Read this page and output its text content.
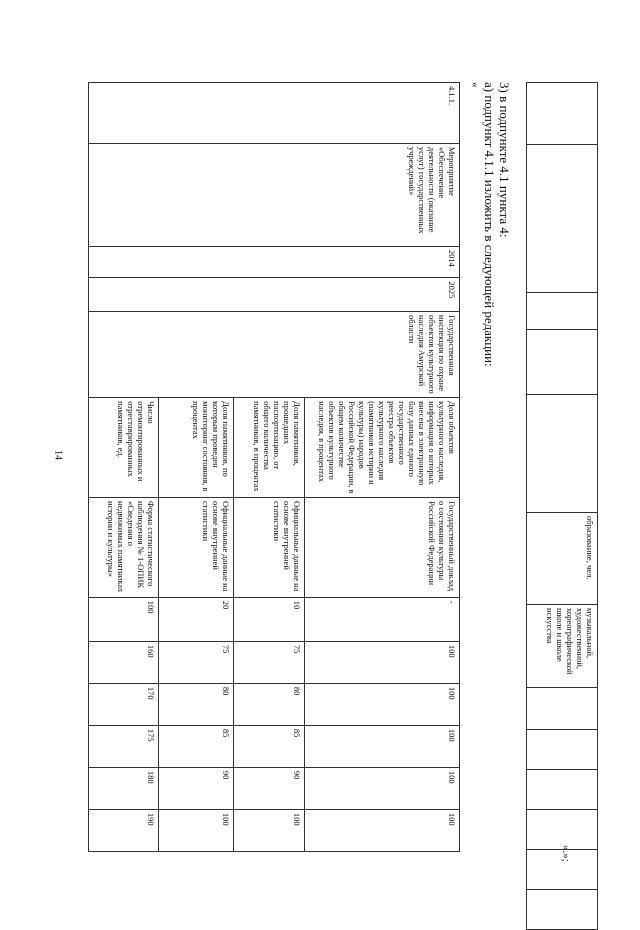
14
					образование, чел.	музыкальной, художественной, хореографической школе и школе искусства						
».»;
3) в подпункте 4.1 пункта 4:
а) подпункт 4.1.1 изложить в следующей редакции:
«
4.1.1.	Мероприятие «Обеспечение деятельности (оказание услуг) государственных учреждений»	2014	2025	Государственная инспекция по охране объектов культурного наследия Амурской области	Доля объектов культурного наследия, информация о которых внесена в электронную базу данных единого государственного реестра объектов культурного наследия (памятников истории и культуры) народов Российской Федерации, в общем количестве объектов культурного наследия, в процентах	Государственный доклад о состоянии культуры Российской Федерации	-	100	100	100	100	100
					Доля памятников, прошедших паспортизацию, от общего количества памятников, в процентах	Официальные данные на основе внутренней статистики	10	75	80	85	90	100
					Доля памятников, по которым проведен мониторинг состояния, в процентах	Официальные данные на основе внутренней статистики	20	75	80	85	90	100
					Число отремонтированных и отреставрированных памятников, ед.	Форма статистического наблюдения № 1-ОПИК «Сведения о недвижимых памятниках истории и культуры»	100	160	170	175	180	190
